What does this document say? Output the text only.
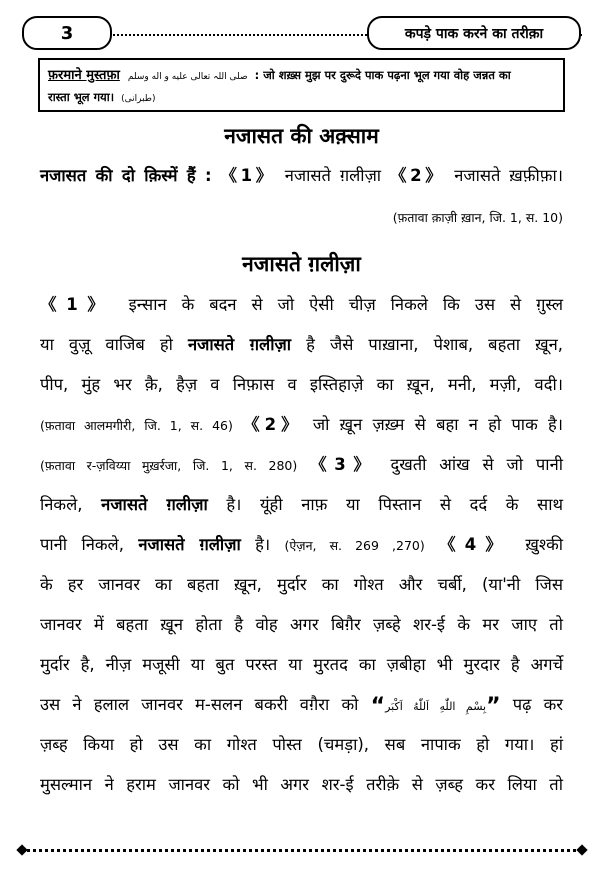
3	कपड़े पाक करने का तरीक़ा
फ़रमाने मुस्तफ़ा صلی اللہ تعالی علیه و اله وسلم : जो शख़्स मुझ पर दुरूदे पाक पढ़ना भूल गया वोह जन्नत का
रास्ता भूल गया। (طبرانی)
नजासत की अक़्साम
नजासत की दो क़िस्में हैं : 《1》 नजासते ग़लीज़ा 《2》 नजासते ख़फ़ीफ़ा।
(फ़तावा क़ाज़ी ख़ान, जि. 1, स. 10)
नजासते ग़लीज़ा
《1》 इन्सान के बदन से जो ऐसी चीज़ निकले कि उस से ग़ुस्ल
या वुज़ू वाजिब हो नजासते ग़लीज़ा है जैसे पाख़ाना, पेशाब, बहता ख़ून,
पीप, मुंह भर क़ै, हैज़ व निफ़ास व इस्तिहाज़े का ख़ून, मनी, मज़ी, वदी।
(फ़तावा आलमगीरी, जि. 1, स. 46) 《2》 जो ख़ून ज़ख़्म से बहा न हो पाक है।
(फ़तावा र-ज़विय्या मुख़र्रजा, जि. 1, स. 280) 《3》 दुखती आंख से जो पानी
निकले, नजासते ग़लीज़ा है। यूंही नाफ़ या पिस्तान से दर्द के साथ
पानी निकले, नजासते ग़लीज़ा है। (ऐज़न, स. 269 ,270) 《4》 ख़ुश्की
के हर जानवर का बहता ख़ून, मुर्दार का गोश्त और चर्बी, (या'नी जिस
जानवर में बहता ख़ून होता है वोह अगर बिग़ैर ज़ब्हे शर-ई के मर जाए तो
मुर्दार है, नीज़ मजूसी या बुत परस्त या मुरतद का ज़बीहा भी मुरदार है अगर्चे
उस ने हलाल जानवर म-सलन बकरी वग़ैरा को “بِسْمِ اللّٰهِ اَللّٰهُ اَكْبَر” पढ़ कर
ज़ब्ह किया हो उस का गोश्त पोस्त (चमड़ा), सब नापाक हो गया। हां
मुसल्मान ने हराम जानवर को भी अगर शर-ई तरीक़े से ज़ब्ह कर लिया तो
